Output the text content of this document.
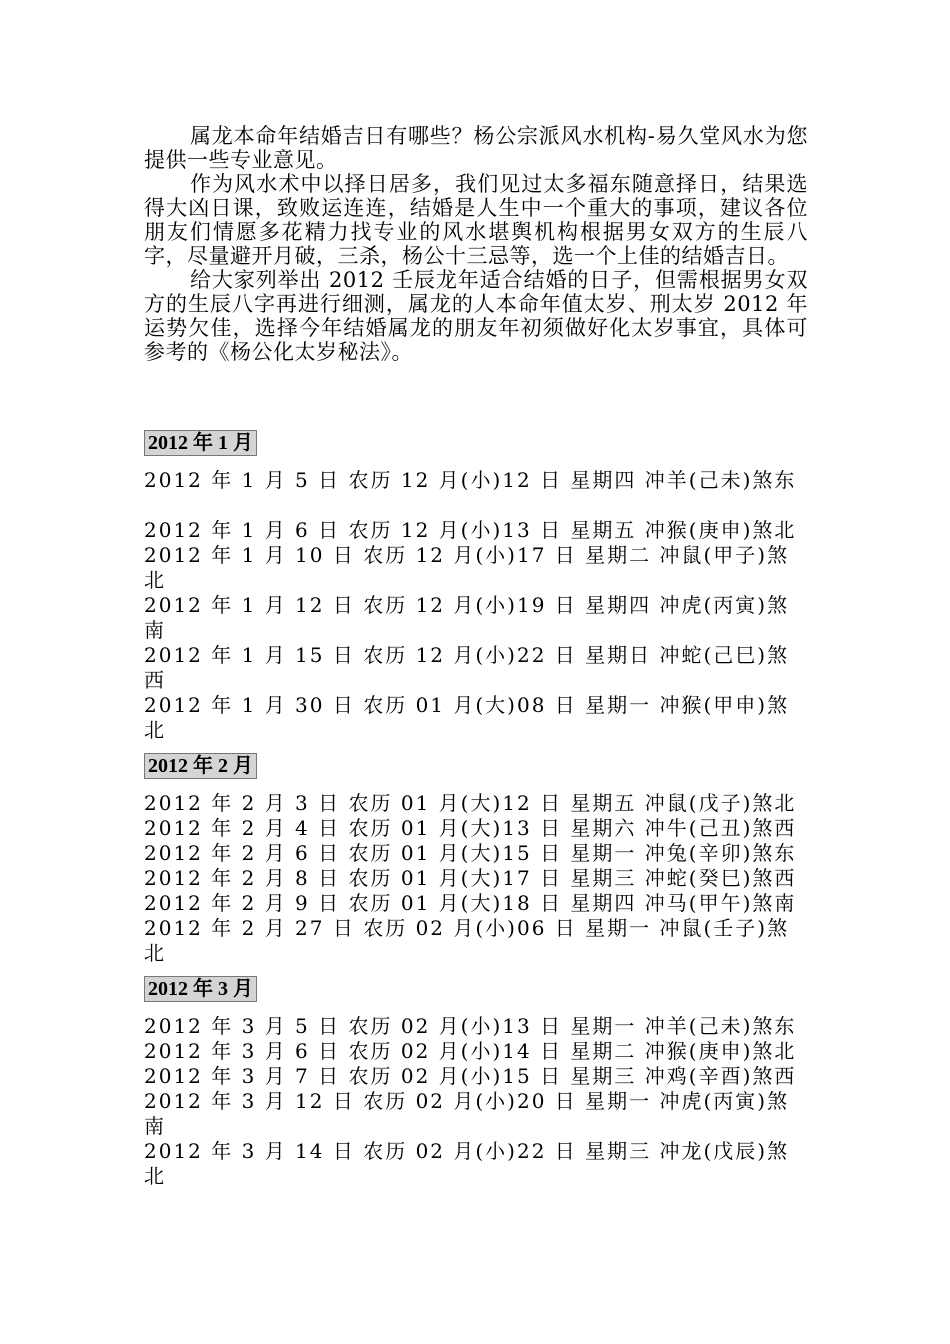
属龙本命年结婚吉日有哪些？杨公宗派风水机构-易久堂风水为您提供一些专业意见。

作为风水术中以择日居多，我们见过太多福东随意择日，结果选得大凶日课，致败运连连，结婚是人生中一个重大的事项，建议各位朋友们情愿多花精力找专业的风水堪舆机构根据男女双方的生辰八字，尽量避开月破，三杀，杨公十三忌等，选一个上佳的结婚吉日。

给大家列举出 2012 壬辰龙年适合结婚的日子，但需根据男女双方的生辰八字再进行细测，属龙的人本命年值太岁、刑太岁 2012 年运势欠佳，选择今年结婚属龙的朋友年初须做好化太岁事宜，具体可参考的《杨公化太岁秘法》。

2012 年 1 月
2012 年 1 月 5 日 农历 12 月(小)12 日 星期四 冲羊(己未)煞东
2012 年 1 月 6 日 农历 12 月(小)13 日 星期五 冲猴(庚申)煞北
2012 年 1 月 10 日 农历 12 月(小)17 日 星期二 冲鼠(甲子)煞北
2012 年 1 月 12 日 农历 12 月(小)19 日 星期四 冲虎(丙寅)煞南
2012 年 1 月 15 日 农历 12 月(小)22 日 星期日 冲蛇(己巳)煞西
2012 年 1 月 30 日 农历 01 月(大)08 日 星期一 冲猴(甲申)煞北
2012 年 2 月
2012 年 2 月 3 日 农历 01 月(大)12 日 星期五 冲鼠(戊子)煞北
2012 年 2 月 4 日 农历 01 月(大)13 日 星期六 冲牛(己丑)煞西
2012 年 2 月 6 日 农历 01 月(大)15 日 星期一 冲兔(辛卯)煞东
2012 年 2 月 8 日 农历 01 月(大)17 日 星期三 冲蛇(癸巳)煞西
2012 年 2 月 9 日 农历 01 月(大)18 日 星期四 冲马(甲午)煞南
2012 年 2 月 27 日 农历 02 月(小)06 日 星期一 冲鼠(壬子)煞北
2012 年 3 月
2012 年 3 月 5 日 农历 02 月(小)13 日 星期一 冲羊(己未)煞东
2012 年 3 月 6 日 农历 02 月(小)14 日 星期二 冲猴(庚申)煞北
2012 年 3 月 7 日 农历 02 月(小)15 日 星期三 冲鸡(辛酉)煞西
2012 年 3 月 12 日 农历 02 月(小)20 日 星期一 冲虎(丙寅)煞南
2012 年 3 月 14 日 农历 02 月(小)22 日 星期三 冲龙(戊辰)煞北
